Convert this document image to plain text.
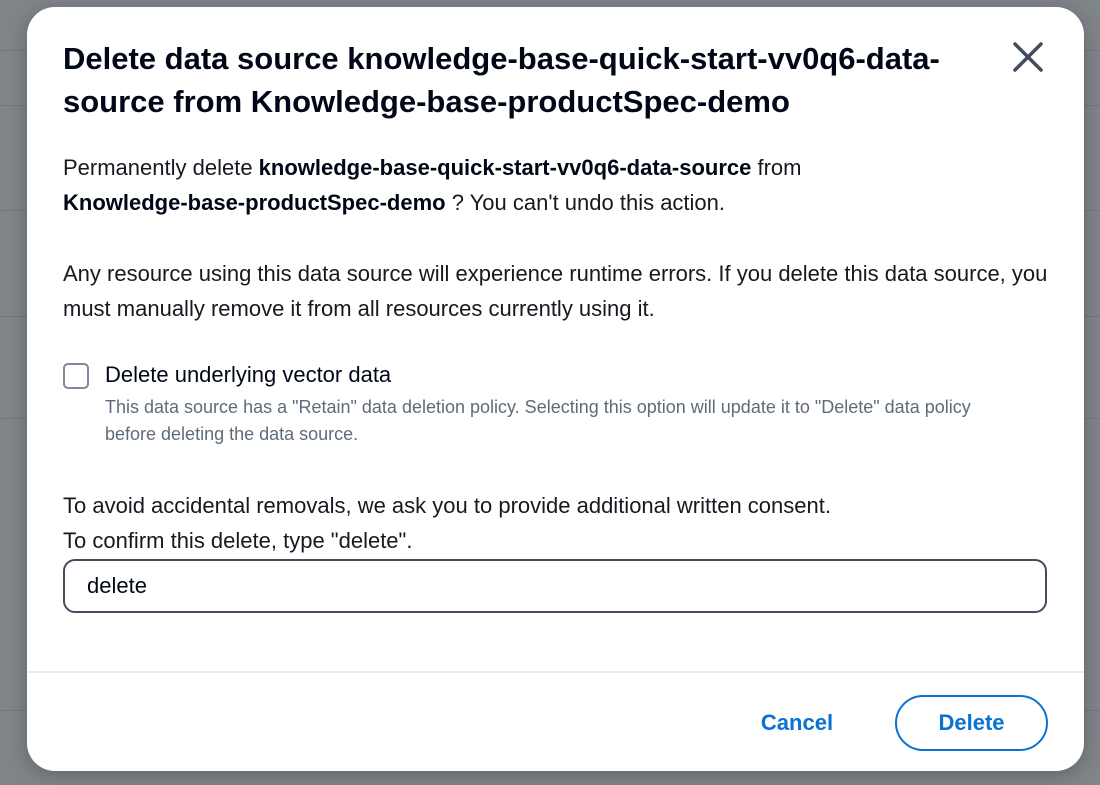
Delete data source knowledge-base-quick-start-vv0q6-data-source from Knowledge-base-productSpec-demo

Permanently delete knowledge-base-quick-start-vv0q6-data-source from
Knowledge-base-productSpec-demo ? You can't undo this action.

Any resource using this data source will experience runtime errors. If you delete this data source, you must manually remove it from all resources currently using it.

Delete underlying vector data

This data source has a "Retain" data deletion policy. Selecting this option will update it to "Delete" data policy before deleting the data source.

To avoid accidental removals, we ask you to provide additional written consent.

To confirm this delete, type "delete".

delete
Cancel	Delete
